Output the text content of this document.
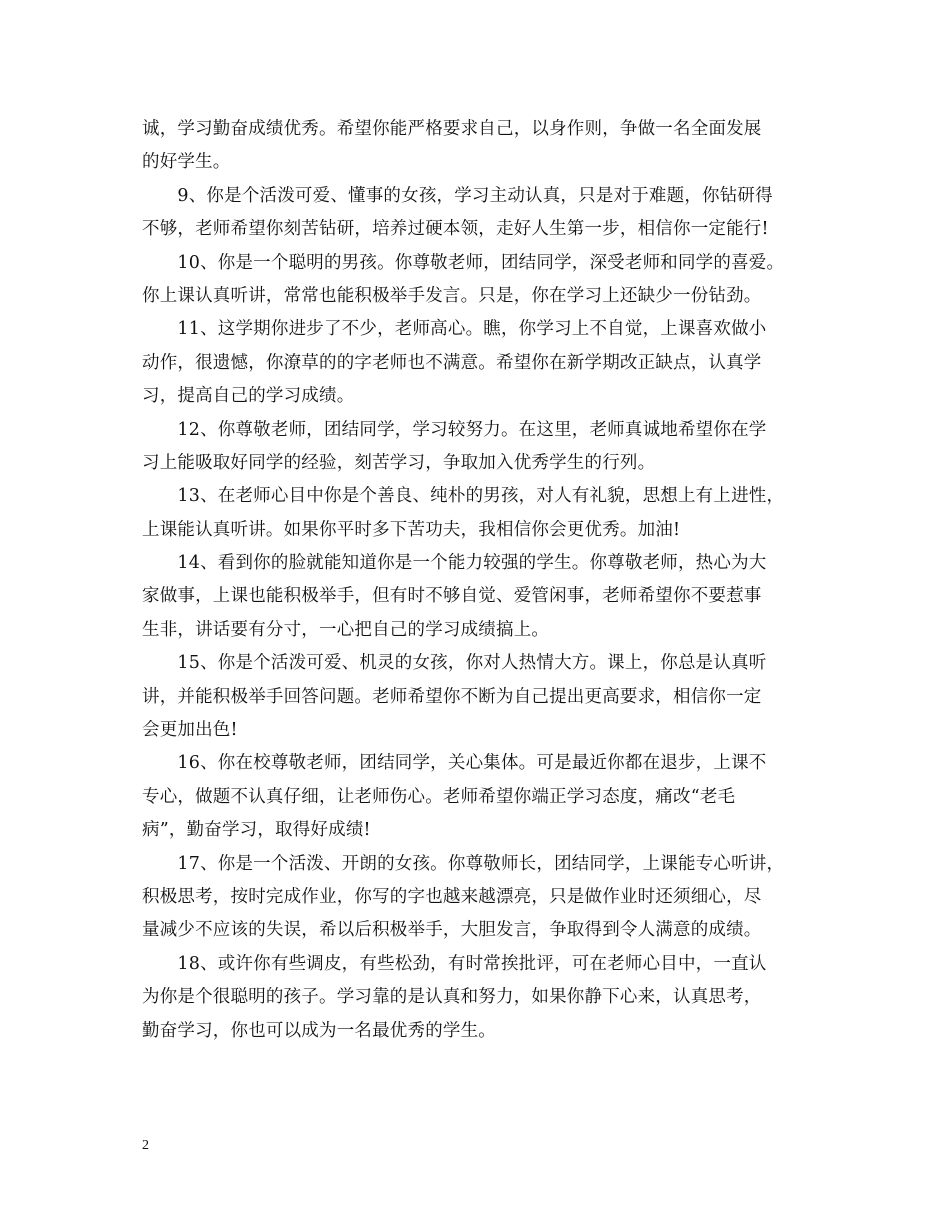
诚，学习勤奋成绩优秀。希望你能严格要求自己，以身作则，争做一名全面发展
的好学生。
　　9、你是个活泼可爱、懂事的女孩，学习主动认真，只是对于难题，你钻研得
不够，老师希望你刻苦钻研，培养过硬本领，走好人生第一步，相信你一定能行!
　　10、你是一个聪明的男孩。你尊敬老师，团结同学，深受老师和同学的喜爱。
你上课认真听讲，常常也能积极举手发言。只是，你在学习上还缺少一份钻劲。
　　11、这学期你进步了不少，老师高心。瞧，你学习上不自觉，上课喜欢做小
动作，很遗憾，你潦草的的字老师也不满意。希望你在新学期改正缺点，认真学
习，提高自己的学习成绩。
　　12、你尊敬老师，团结同学，学习较努力。在这里，老师真诚地希望你在学
习上能吸取好同学的经验，刻苦学习，争取加入优秀学生的行列。
　　13、在老师心目中你是个善良、纯朴的男孩，对人有礼貌，思想上有上进性，
上课能认真听讲。如果你平时多下苦功夫，我相信你会更优秀。加油!
　　14、看到你的脸就能知道你是一个能力较强的学生。你尊敬老师，热心为大
家做事，上课也能积极举手，但有时不够自觉、爱管闲事，老师希望你不要惹事
生非，讲话要有分寸，一心把自己的学习成绩搞上。
　　15、你是个活泼可爱、机灵的女孩，你对人热情大方。课上，你总是认真听
讲，并能积极举手回答问题。老师希望你不断为自己提出更高要求，相信你一定
会更加出色!
　　16、你在校尊敬老师，团结同学，关心集体。可是最近你都在退步，上课不
专心，做题不认真仔细，让老师伤心。老师希望你端正学习态度，痛改“老毛
病”，勤奋学习，取得好成绩!
　　17、你是一个活泼、开朗的女孩。你尊敬师长，团结同学，上课能专心听讲，
积极思考，按时完成作业，你写的字也越来越漂亮，只是做作业时还须细心，尽
量减少不应该的失误，希以后积极举手，大胆发言，争取得到令人满意的成绩。
　　18、或许你有些调皮，有些松劲，有时常挨批评，可在老师心目中，一直认
为你是个很聪明的孩子。学习靠的是认真和努力，如果你静下心来，认真思考，
勤奋学习，你也可以成为一名最优秀的学生。
2
